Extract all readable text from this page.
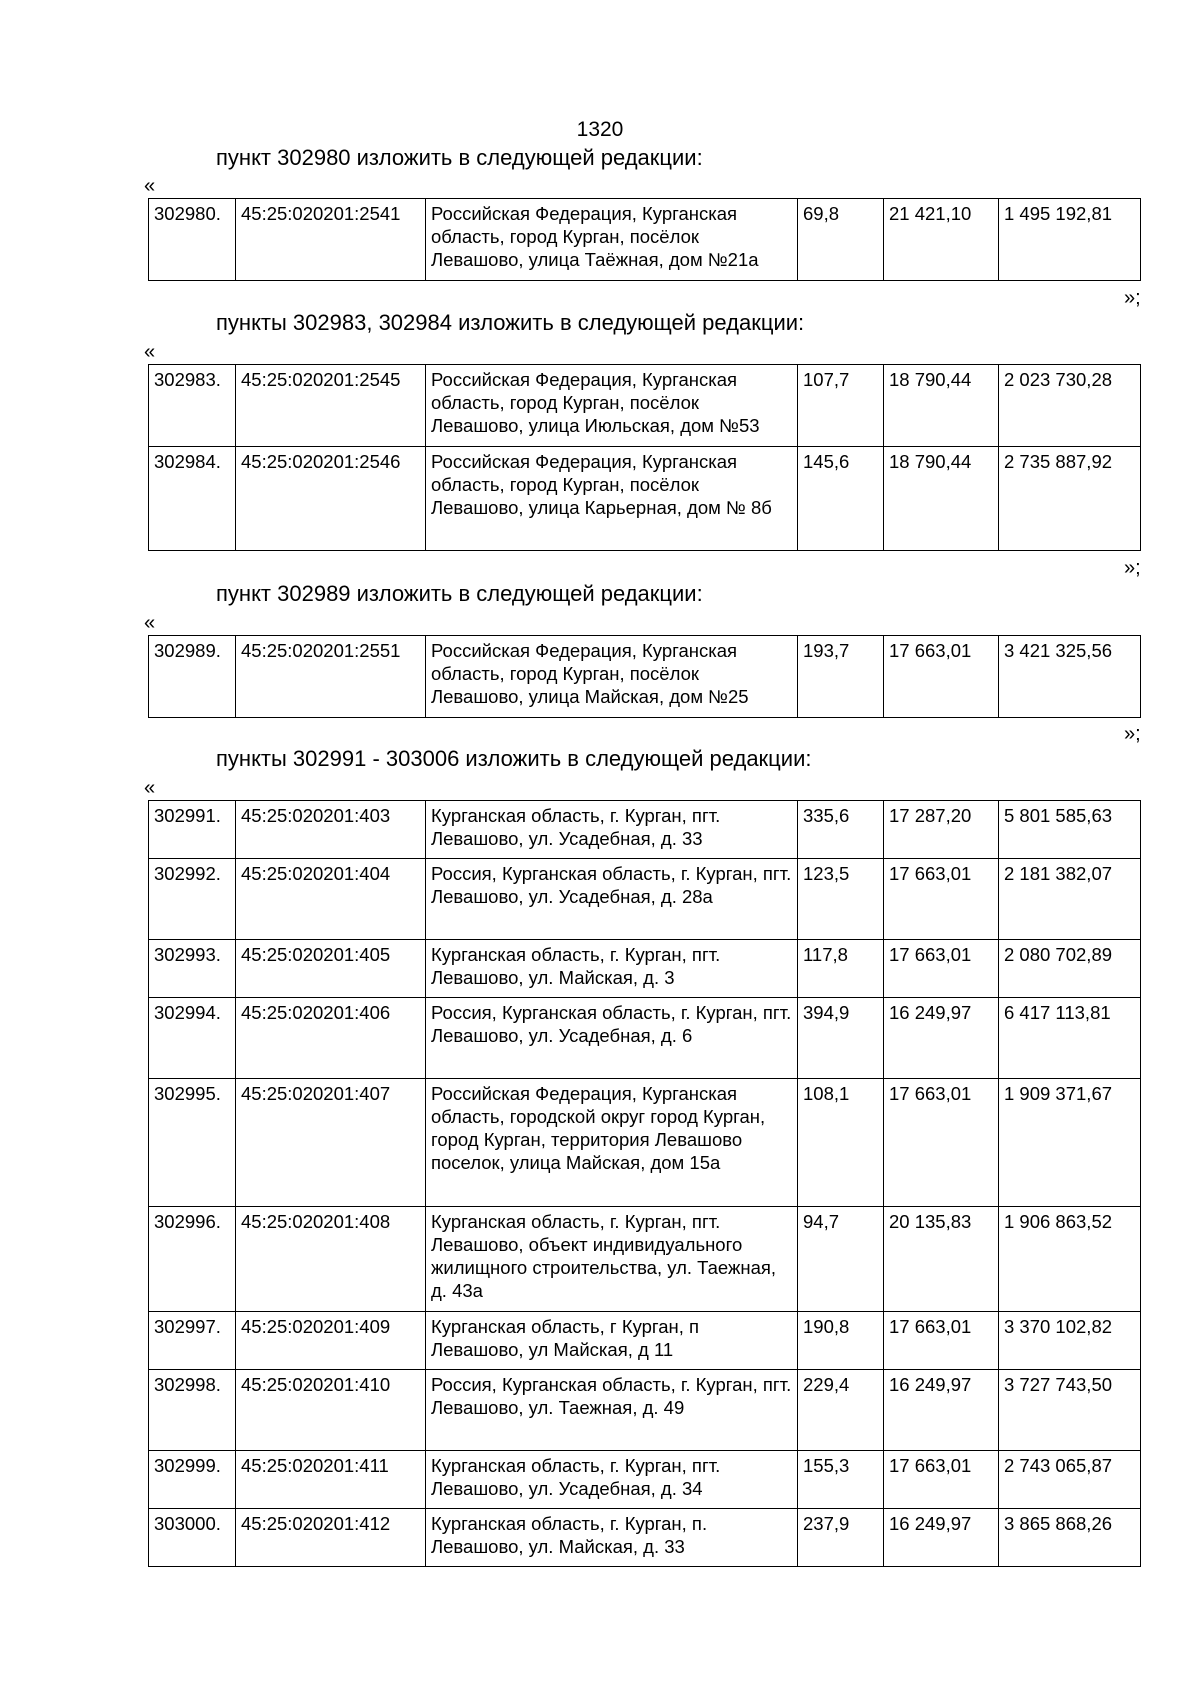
1320
пункт 302980 изложить в следующей редакции:
«
302980.	45:25:020201:2541	Российская Федерация, Курганская область, город Курган, посёлок Левашово, улица Таёжная, дом №21а	69,8	21 421,10	1 495 192,81
»;
пункты 302983, 302984 изложить в следующей редакции:
«
302983.	45:25:020201:2545	Российская Федерация, Курганская область, город Курган, посёлок Левашово, улица Июльская, дом №53	107,7	18 790,44	2 023 730,28
302984.	45:25:020201:2546	Российская Федерация, Курганская область, город Курган, посёлок Левашово, улица Карьерная, дом № 8б	145,6	18 790,44	2 735 887,92
»;
пункт 302989 изложить в следующей редакции:
«
302989.	45:25:020201:2551	Российская Федерация, Курганская область, город Курган, посёлок Левашово, улица Майская, дом №25	193,7	17 663,01	3 421 325,56
»;
пункты 302991 - 303006 изложить в следующей редакции:
«
302991.	45:25:020201:403	Курганская область, г. Курган, пгт. Левашово, ул. Усадебная, д. 33	335,6	17 287,20	5 801 585,63
302992.	45:25:020201:404	Россия, Курганская область, г. Курган, пгт. Левашово, ул. Усадебная, д. 28а	123,5	17 663,01	2 181 382,07
302993.	45:25:020201:405	Курганская область, г. Курган, пгт. Левашово, ул. Майская, д. 3	117,8	17 663,01	2 080 702,89
302994.	45:25:020201:406	Россия, Курганская область, г. Курган, пгт. Левашово, ул. Усадебная, д. 6	394,9	16 249,97	6 417 113,81
302995.	45:25:020201:407	Российская Федерация, Курганская область, городской округ город Курган, город Курган, территория Левашово поселок, улица Майская, дом 15а	108,1	17 663,01	1 909 371,67
302996.	45:25:020201:408	Курганская область, г. Курган, пгт. Левашово, объект индивидуального жилищного строительства, ул. Таежная, д. 43а	94,7	20 135,83	1 906 863,52
302997.	45:25:020201:409	Курганская область, г Курган, п Левашово, ул Майская, д 11	190,8	17 663,01	3 370 102,82
302998.	45:25:020201:410	Россия, Курганская область, г. Курган, пгт. Левашово, ул. Таежная, д. 49	229,4	16 249,97	3 727 743,50
302999.	45:25:020201:411	Курганская область, г. Курган, пгт. Левашово, ул. Усадебная, д. 34	155,3	17 663,01	2 743 065,87
303000.	45:25:020201:412	Курганская область, г. Курган, п. Левашово, ул. Майская, д. 33	237,9	16 249,97	3 865 868,26
